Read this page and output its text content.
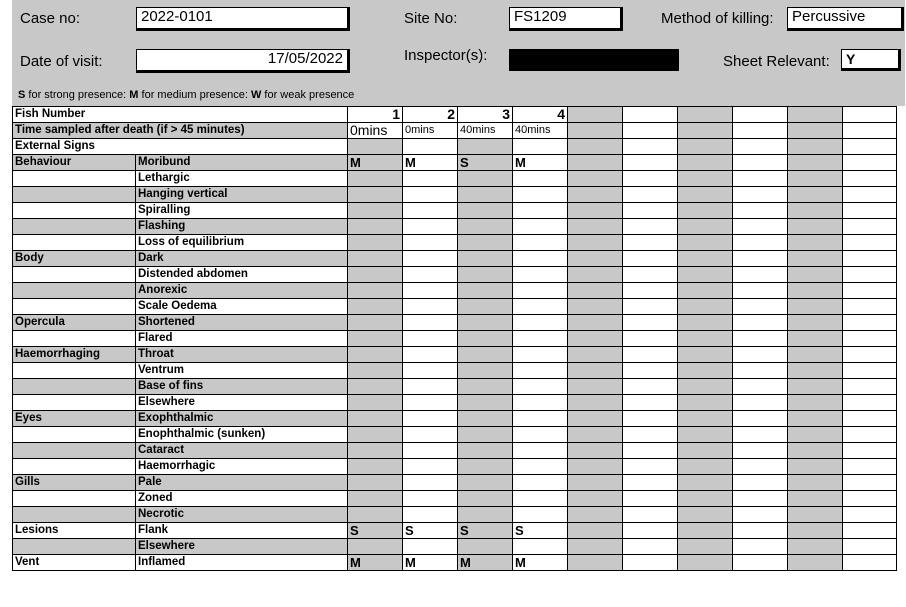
Case no:	2022-0101	Site No:	FS1209	Method of killing:	Percussive
Date of visit:	17/05/2022	Inspector(s):	Sheet Relevant:	Y
S for strong presence: M for medium presence: W for weak presence
Fish Number		1	2	3	4						
Time sampled after death (if > 45 minutes)		0mins	0mins	40mins	40mins						
External Signs											
Behaviour	Moribund	M	M	S	M						
	Lethargic										
	Hanging vertical										
	Spiralling										
	Flashing										
	Loss of equilibrium										
Body	Dark										
	Distended abdomen										
	Anorexic										
	Scale Oedema										
Opercula	Shortened										
	Flared										
Haemorrhaging	Throat										
	Ventrum										
	Base of fins										
	Elsewhere										
Eyes	Exophthalmic										
	Enophthalmic (sunken)										
	Cataract										
	Haemorrhagic										
Gills	Pale										
	Zoned										
	Necrotic										
Lesions	Flank	S	S	S	S						
	Elsewhere										
Vent	Inflamed	M	M	M	M						
